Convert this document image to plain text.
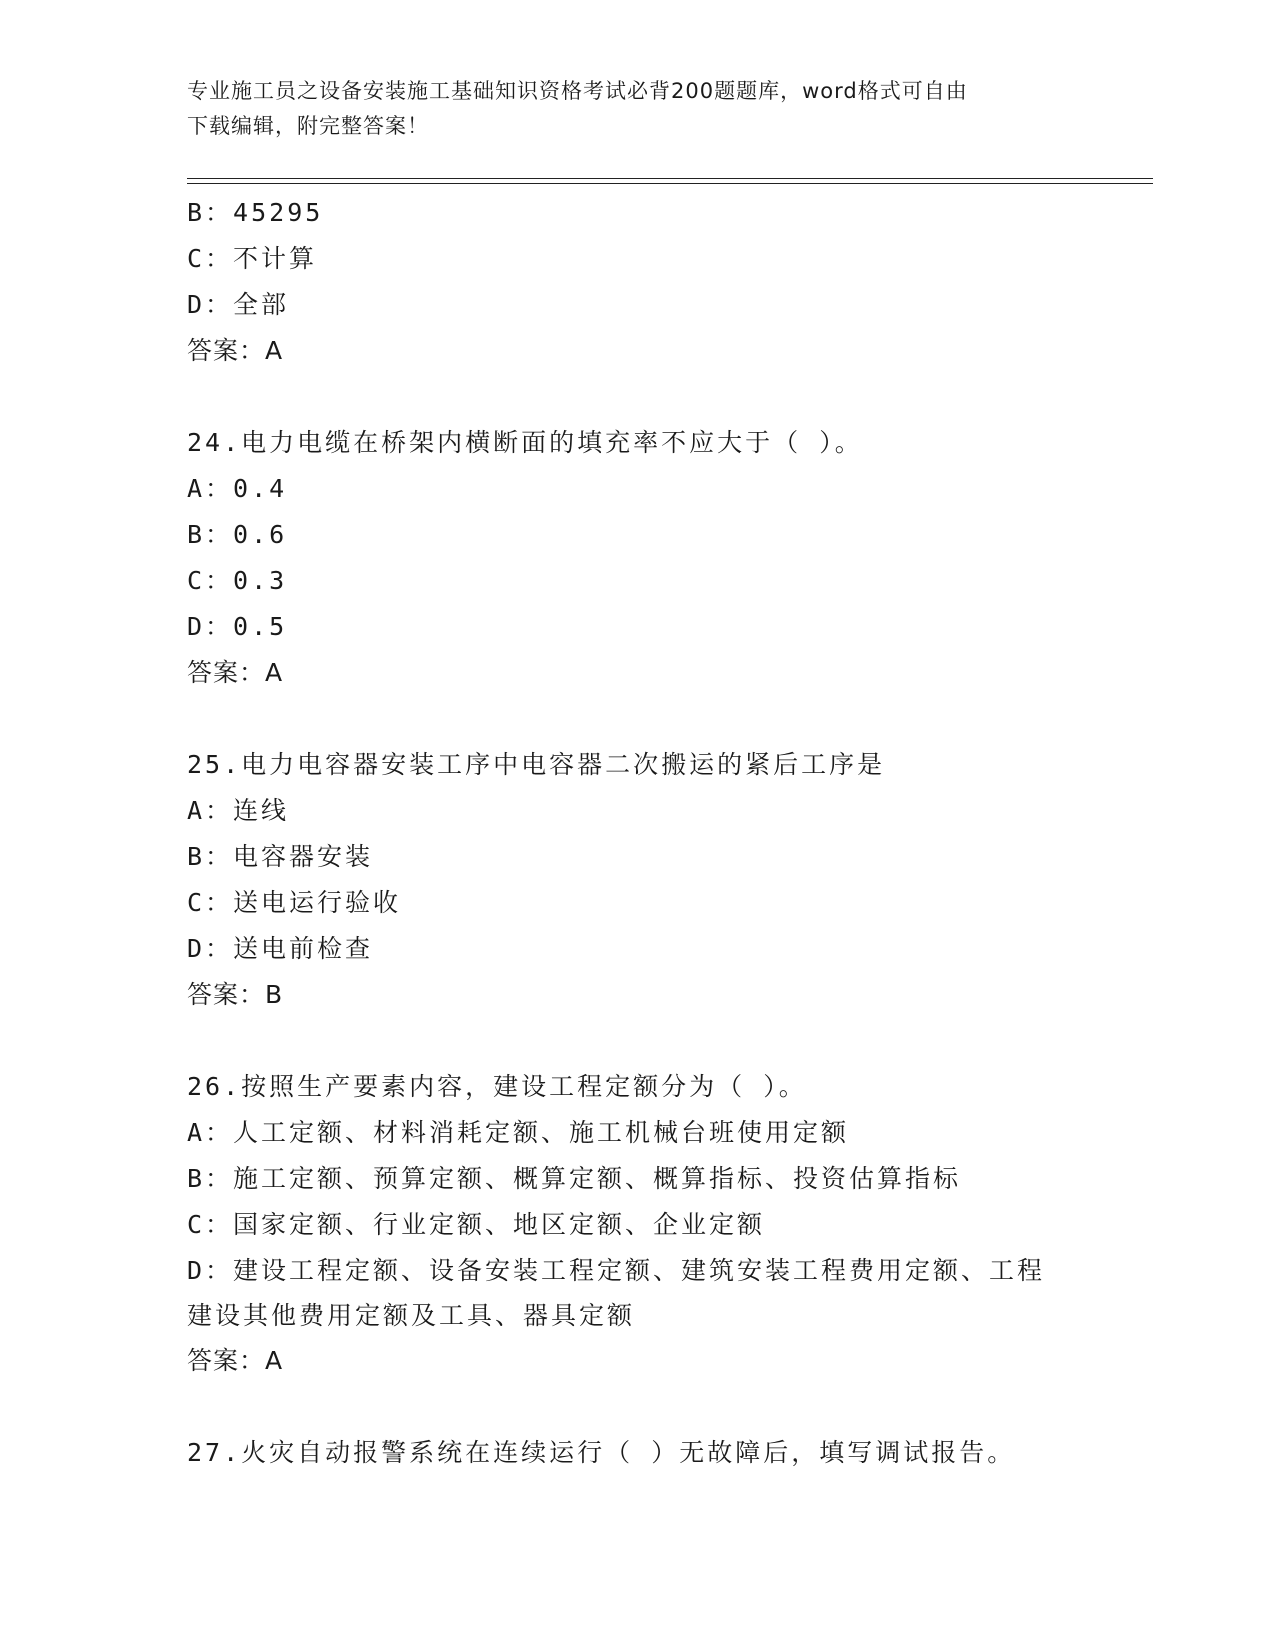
专业施工员之设备安装施工基础知识资格考试必背200题题库，word格式可自由
下载编辑，附完整答案！
B：45295
C：不计算
D：全部
答案：A
24.电力电缆在桥架内横断面的填充率不应大于（ ）。
A：0.4
B：0.6
C：0.3
D：0.5
答案：A
25.电力电容器安装工序中电容器二次搬运的紧后工序是
A：连线
B：电容器安装
C：送电运行验收
D：送电前检查
答案：B
26.按照生产要素内容，建设工程定额分为（ ）。
A：人工定额、材料消耗定额、施工机械台班使用定额
B：施工定额、预算定额、概算定额、概算指标、投资估算指标
C：国家定额、行业定额、地区定额、企业定额
D：建设工程定额、设备安装工程定额、建筑安装工程费用定额、工程
建设其他费用定额及工具、器具定额
答案：A
27.火灾自动报警系统在连续运行（ ）无故障后，填写调试报告。
